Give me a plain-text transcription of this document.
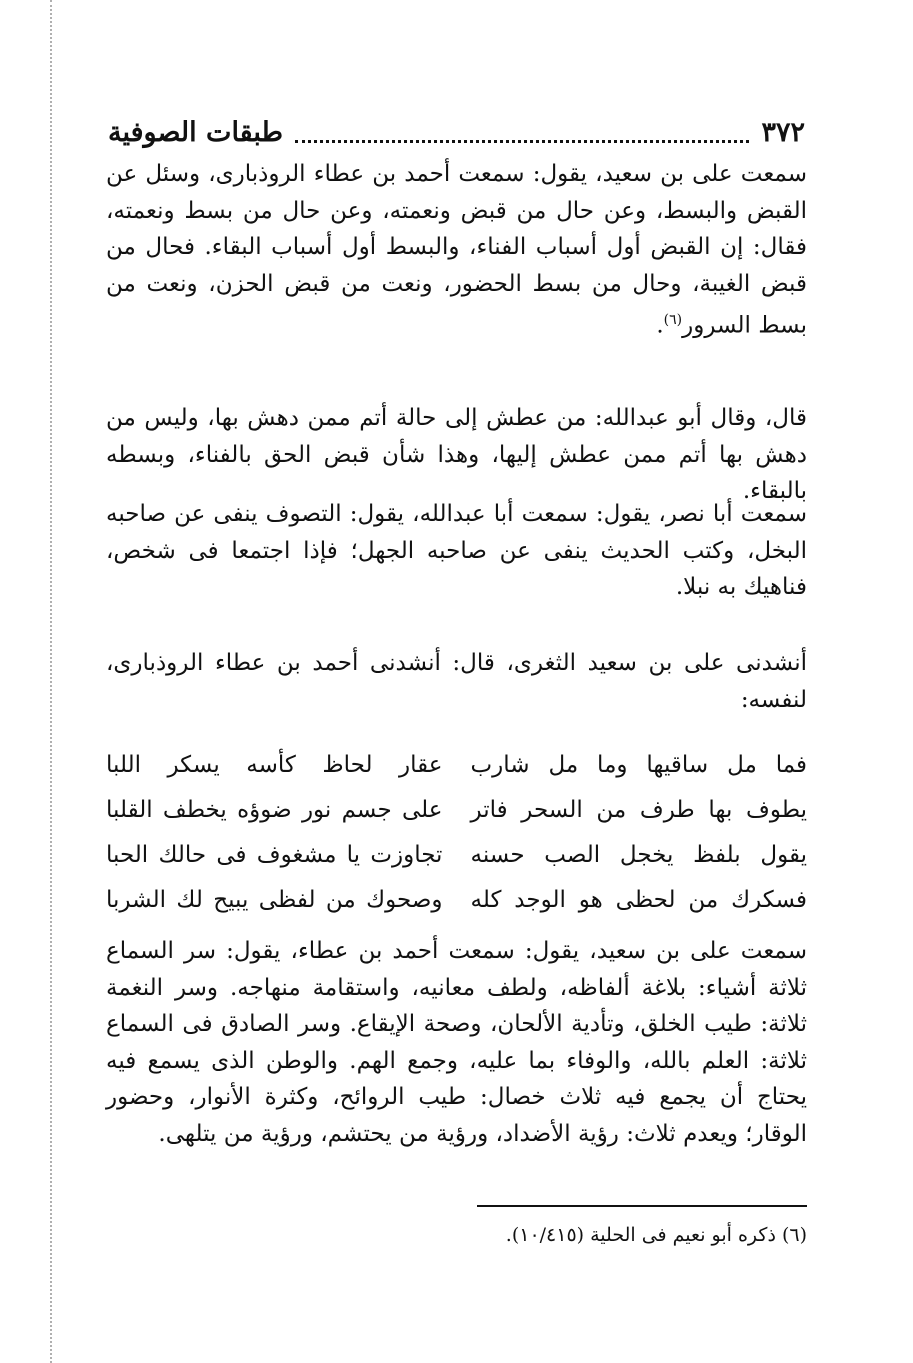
٣٧٢
طبقات الصوفية
سمعت على بن سعيد، يقول: سمعت أحمد بن عطاء الروذبارى، وسئل عن القبض والبسط، وعن حال من قبض ونعمته، وعن حال من بسط ونعمته، فقال: إن القبض أول أسباب الفناء، والبسط أول أسباب البقاء. فحال من قبض الغيبة، وحال من بسط الحضور، ونعت من قبض الحزن، ونعت من بسط السرور$^{(٦)}$.
قال، وقال أبو عبدالله: من عطش إلى حالة أتم ممن دهش بها، وليس من دهش بها أتم ممن عطش إليها، وهذا شأن قبض الحق بالفناء، وبسطه بالبقاء.
سمعت أبا نصر، يقول: سمعت أبا عبدالله، يقول: التصوف ينفى عن صاحبه البخل، وكتب الحديث ينفى عن صاحبه الجهل؛ فإذا اجتمعا فى شخص، فناهيك به نبلا.
أنشدنى على بن سعيد الثغرى، قال: أنشدنى أحمد بن عطاء الروذبارى، لنفسه:
فما مل ساقيها وما مل شارب
عقار لحاظ كأسه يسكر اللبا
يطوف بها طرف من السحر فاتر
على جسم نور ضوؤه يخطف القلبا
يقول بلفظ يخجل الصب حسنه
تجاوزت يا مشغوف فى حالك الحبا
فسكرك من لحظى هو الوجد كله
وصحوك من لفظى يبيح لك الشربا
سمعت على بن سعيد، يقول: سمعت أحمد بن عطاء، يقول: سر السماع ثلاثة أشياء: بلاغة ألفاظه، ولطف معانيه، واستقامة منهاجه. وسر النغمة ثلاثة: طيب الخلق، وتأدية الألحان، وصحة الإيقاع. وسر الصادق فى السماع ثلاثة: العلم بالله، والوفاء بما عليه، وجمع الهم. والوطن الذى يسمع فيه يحتاج أن يجمع فيه ثلاث خصال: طيب الروائح، وكثرة الأنوار، وحضور الوقار؛ ويعدم ثلاث: رؤية الأضداد، ورؤية من يحتشم، ورؤية من يتلهى.
(٦) ذكره أبو نعيم فى الحلية (١٠/٤١٥).
